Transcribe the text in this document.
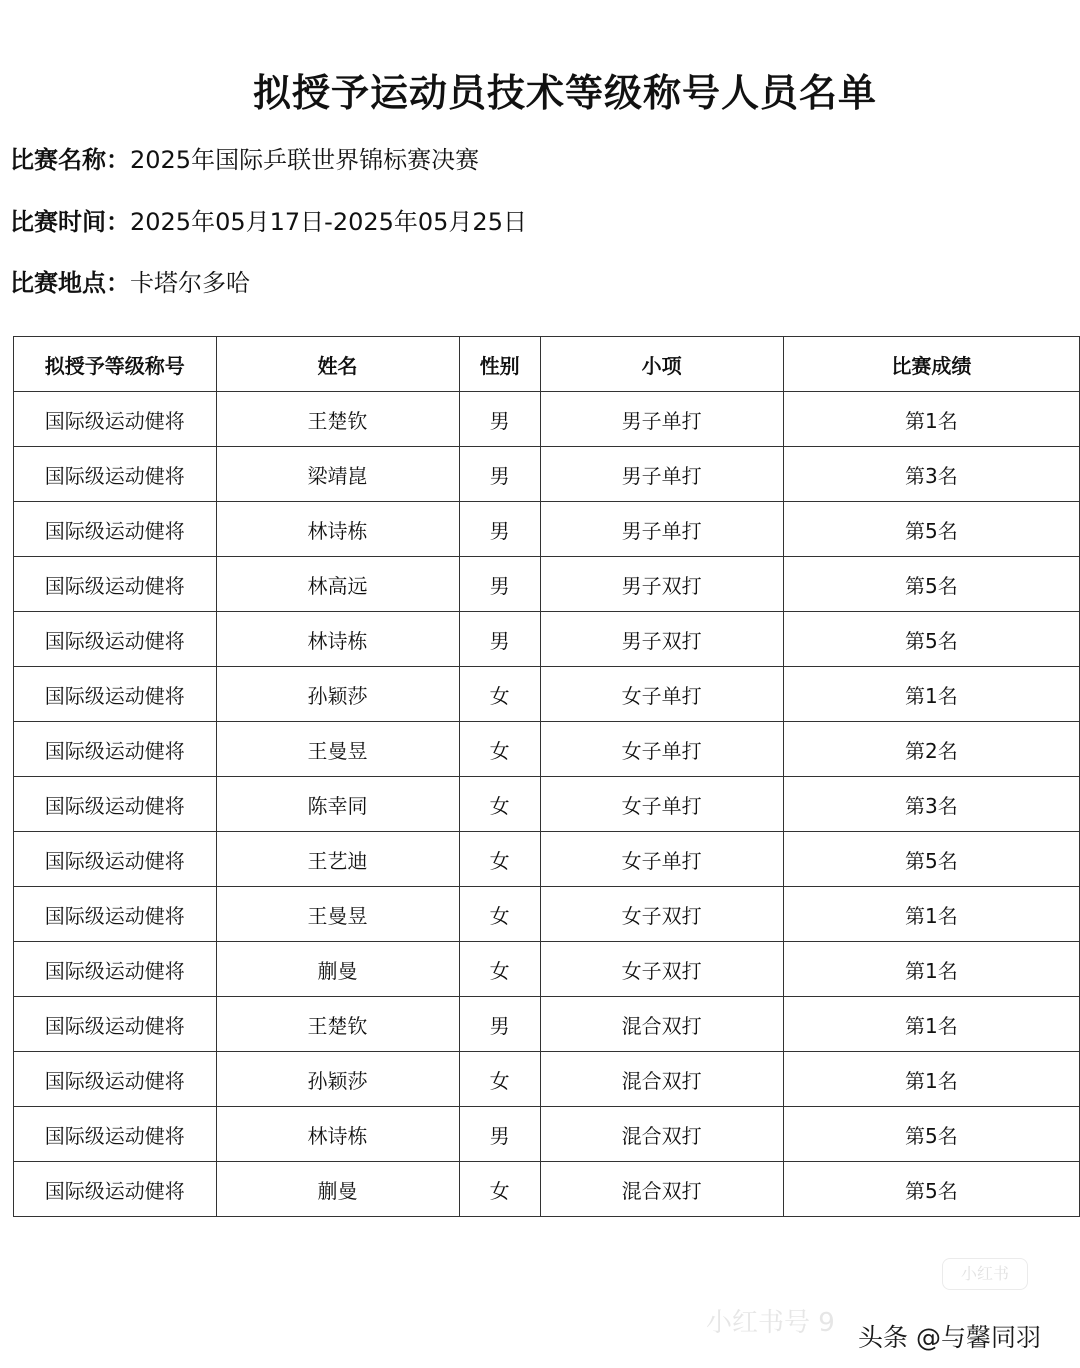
拟授予运动员技术等级称号人员名单
比赛名称：2025年国际乒联世界锦标赛决赛
比赛时间：2025年05月17日-2025年05月25日
比赛地点：卡塔尔多哈
拟授予等级称号	姓名	性别	小项	比赛成绩
国际级运动健将	王楚钦	男	男子单打	第1名
国际级运动健将	梁靖崑	男	男子单打	第3名
国际级运动健将	林诗栋	男	男子单打	第5名
国际级运动健将	林高远	男	男子双打	第5名
国际级运动健将	林诗栋	男	男子双打	第5名
国际级运动健将	孙颖莎	女	女子单打	第1名
国际级运动健将	王曼昱	女	女子单打	第2名
国际级运动健将	陈幸同	女	女子单打	第3名
国际级运动健将	王艺迪	女	女子单打	第5名
国际级运动健将	王曼昱	女	女子双打	第1名
国际级运动健将	蒯曼	女	女子双打	第1名
国际级运动健将	王楚钦	男	混合双打	第1名
国际级运动健将	孙颖莎	女	混合双打	第1名
国际级运动健将	林诗栋	男	混合双打	第5名
国际级运动健将	蒯曼	女	混合双打	第5名
小红书
小红书号 9 头条 @与馨同羽
